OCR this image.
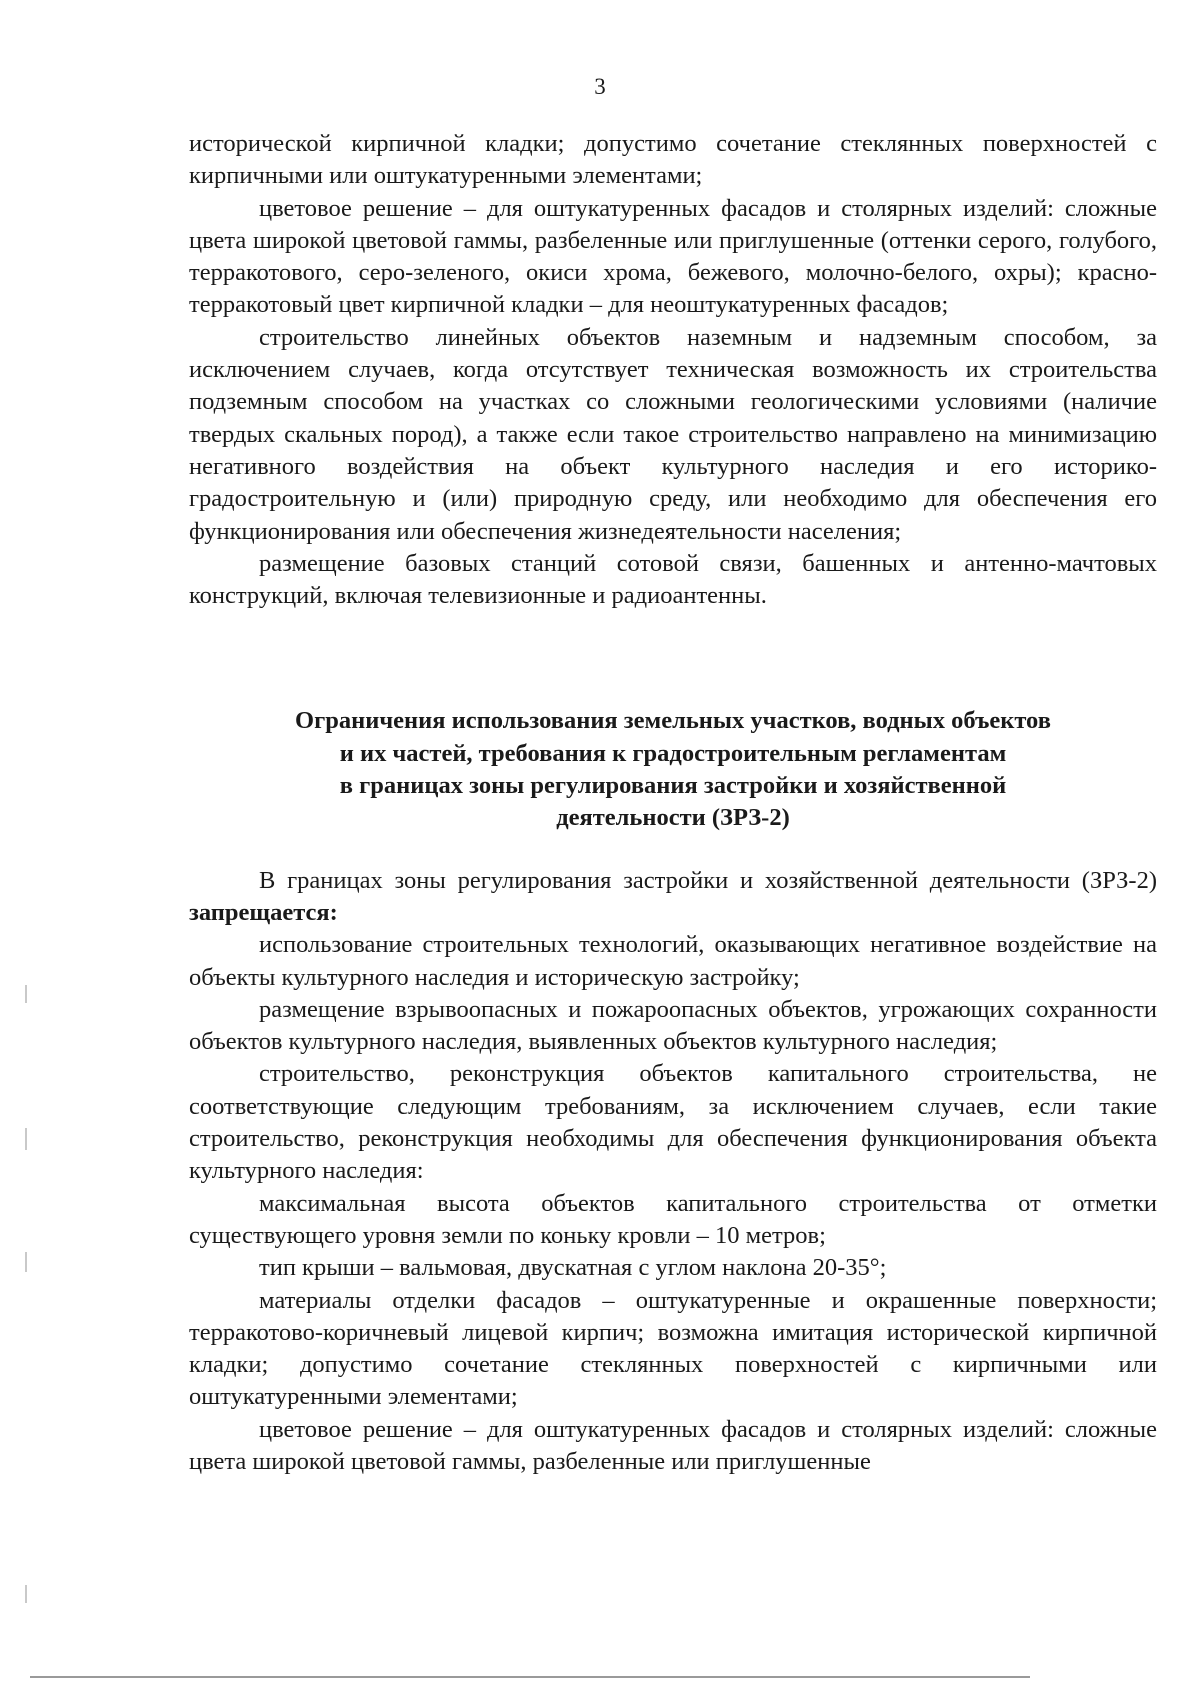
3

исторической кирпичной кладки; допустимо сочетание стеклянных поверхностей с кирпичными или оштукатуренными элементами;

цветовое решение – для оштукатуренных фасадов и столярных изделий: сложные цвета широкой цветовой гаммы, разбеленные или приглушенные (оттенки серого, голубого, терракотового, серо-зеленого, окиси хрома, бежевого, молочно-белого, охры); красно-терракотовый цвет кирпичной кладки – для неоштукатуренных фасадов;

строительство линейных объектов наземным и надземным способом, за исключением случаев, когда отсутствует техническая возможность их строительства подземным способом на участках со сложными геологическими условиями (наличие твердых скальных пород), а также если такое строительство направлено на минимизацию негативного воздействия на объект культурного наследия и его историко-градостроительную и (или) природную среду, или необходимо для обеспечения его функционирования или обеспечения жизнедеятельности населения;

размещение базовых станций сотовой связи, башенных и антенно-мачтовых конструкций, включая телевизионные и радиоантенны.

Ограничения использования земельных участков, водных объектов
и их частей, требования к градостроительным регламентам
в границах зоны регулирования застройки и хозяйственной
деятельности (ЗРЗ-2)

В границах зоны регулирования застройки и хозяйственной деятельности (ЗРЗ-2) запрещается:

использование строительных технологий, оказывающих негативное воздействие на объекты культурного наследия и историческую застройку;

размещение взрывоопасных и пожароопасных объектов, угрожающих сохранности объектов культурного наследия, выявленных объектов культурного наследия;

строительство, реконструкция объектов капитального строительства, не соответствующие следующим требованиям, за исключением случаев, если такие строительство, реконструкция необходимы для обеспечения функционирования объекта культурного наследия:

максимальная высота объектов капитального строительства от отметки существующего уровня земли по коньку кровли – 10 метров;

тип крыши – вальмовая, двускатная с углом наклона 20-35°;

материалы отделки фасадов – оштукатуренные и окрашенные поверхности; терракотово-коричневый лицевой кирпич; возможна имитация исторической кирпичной кладки; допустимо сочетание стеклянных поверхностей с кирпичными или оштукатуренными элементами;

цветовое решение – для оштукатуренных фасадов и столярных изделий: сложные цвета широкой цветовой гаммы, разбеленные или приглушенные
